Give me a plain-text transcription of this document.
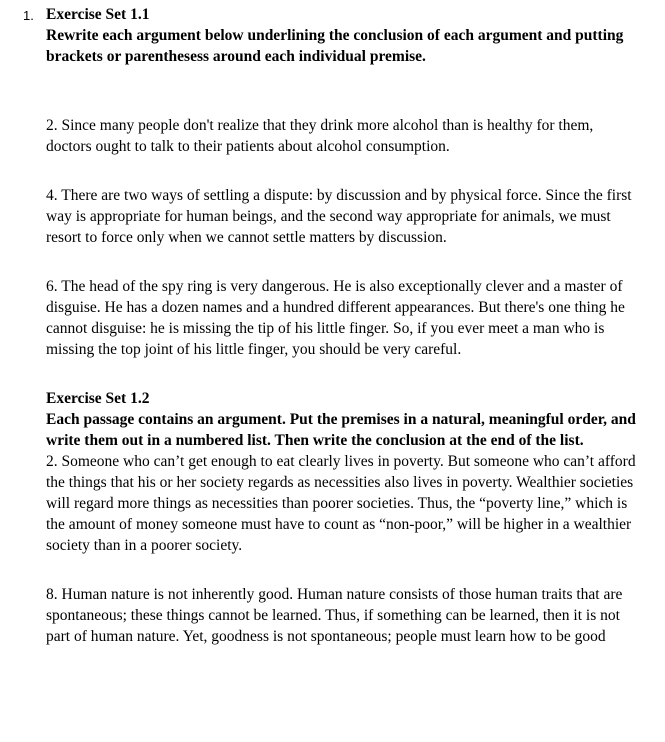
1. Exercise Set 1.1
Rewrite each argument below underlining the conclusion of each argument and putting brackets or parenthesess around each individual premise.

2. Since many people don't realize that they drink more alcohol than is healthy for them, doctors ought to talk to their patients about alcohol consumption.

4. There are two ways of settling a dispute: by discussion and by physical force. Since the first way is appropriate for human beings, and the second way appropriate for animals, we must resort to force only when we cannot settle matters by discussion.

6. The head of the spy ring is very dangerous. He is also exceptionally clever and a master of disguise. He has a dozen names and a hundred different appearances. But there's one thing he cannot disguise: he is missing the tip of his little finger. So, if you ever meet a man who is missing the top joint of his little finger, you should be very careful.

Exercise Set 1.2
Each passage contains an argument. Put the premises in a natural, meaningful order, and write them out in a numbered list. Then write the conclusion at the end of the list.

2. Someone who can’t get enough to eat clearly lives in poverty. But someone who can’t afford the things that his or her society regards as necessities also lives in poverty. Wealthier societies will regard more things as necessities than poorer societies. Thus, the “poverty line,” which is the amount of money someone must have to count as “non-poor,” will be higher in a wealthier society than in a poorer society.

8. Human nature is not inherently good. Human nature consists of those human traits that are spontaneous; these things cannot be learned. Thus, if something can be learned, then it is not part of human nature. Yet, goodness is not spontaneous; people must learn how to be good
